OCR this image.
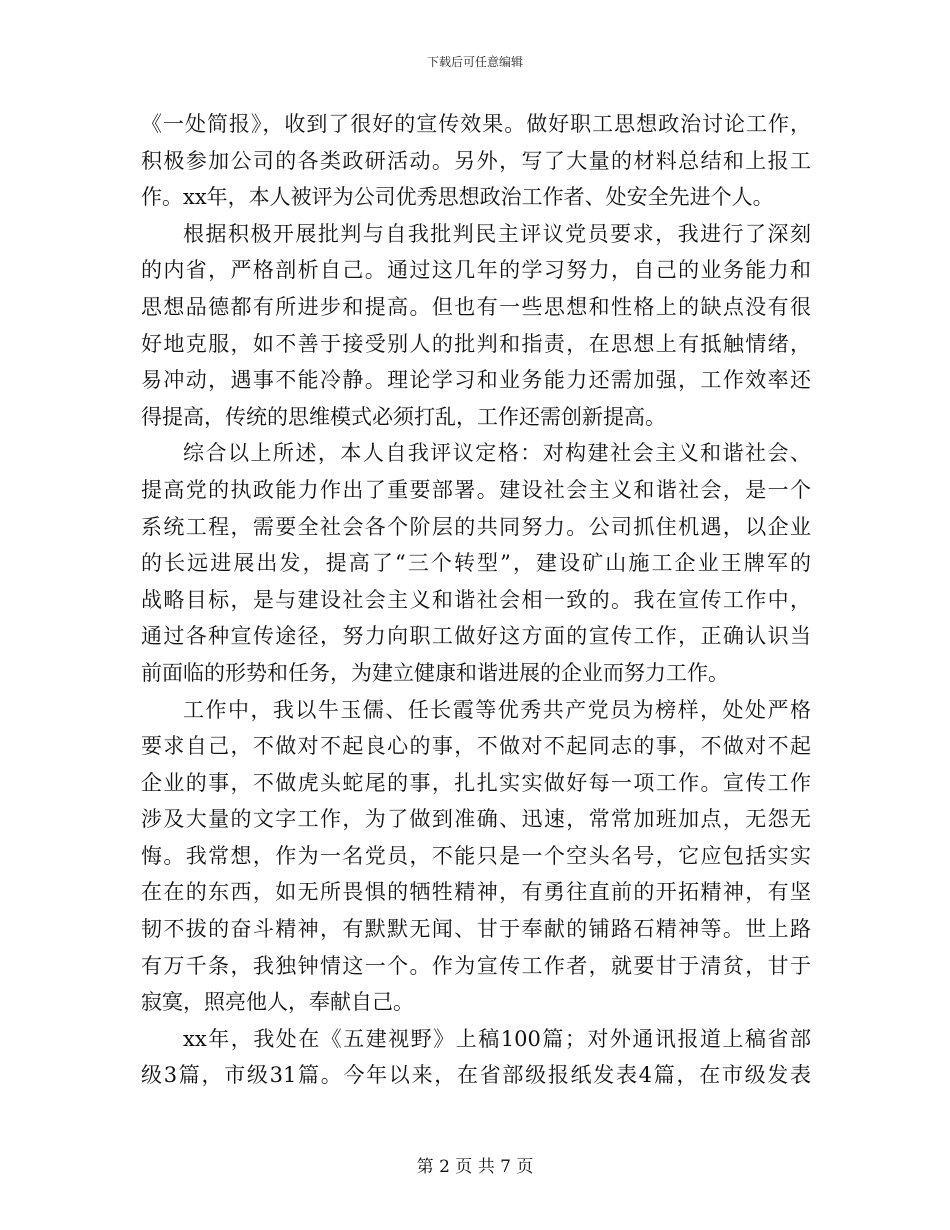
下载后可任意编辑
《一处简报》，收到了很好的宣传效果。做好职工思想政治讨论工作，
积极参加公司的各类政研活动。另外，写了大量的材料总结和上报工
作。xx年，本人被评为公司优秀思想政治工作者、处安全先进个人。
根据积极开展批判与自我批判民主评议党员要求，我进行了深刻
的内省，严格剖析自己。通过这几年的学习努力，自己的业务能力和
思想品德都有所进步和提高。但也有一些思想和性格上的缺点没有很
好地克服，如不善于接受别人的批判和指责，在思想上有抵触情绪，
易冲动，遇事不能冷静。理论学习和业务能力还需加强，工作效率还
得提高，传统的思维模式必须打乱，工作还需创新提高。
综合以上所述，本人自我评议定格：对构建社会主义和谐社会、
提高党的执政能力作出了重要部署。建设社会主义和谐社会，是一个
系统工程，需要全社会各个阶层的共同努力。公司抓住机遇，以企业
的长远进展出发，提高了“三个转型”，建设矿山施工企业王牌军的
战略目标，是与建设社会主义和谐社会相一致的。我在宣传工作中，
通过各种宣传途径，努力向职工做好这方面的宣传工作，正确认识当
前面临的形势和任务，为建立健康和谐进展的企业而努力工作。
工作中，我以牛玉儒、任长霞等优秀共产党员为榜样，处处严格
要求自己，不做对不起良心的事，不做对不起同志的事，不做对不起
企业的事，不做虎头蛇尾的事，扎扎实实做好每一项工作。宣传工作
涉及大量的文字工作，为了做到准确、迅速，常常加班加点，无怨无
悔。我常想，作为一名党员，不能只是一个空头名号，它应包括实实
在在的东西，如无所畏惧的牺牲精神，有勇往直前的开拓精神，有坚
韧不拔的奋斗精神，有默默无闻、甘于奉献的铺路石精神等。世上路
有万千条，我独钟情这一个。作为宣传工作者，就要甘于清贫，甘于
寂寞，照亮他人，奉献自己。
xx年，我处在《五建视野》上稿100篇；对外通讯报道上稿省部
级3篇，市级31篇。今年以来，在省部级报纸发表4篇，在市级发表
第 2 页 共 7 页
